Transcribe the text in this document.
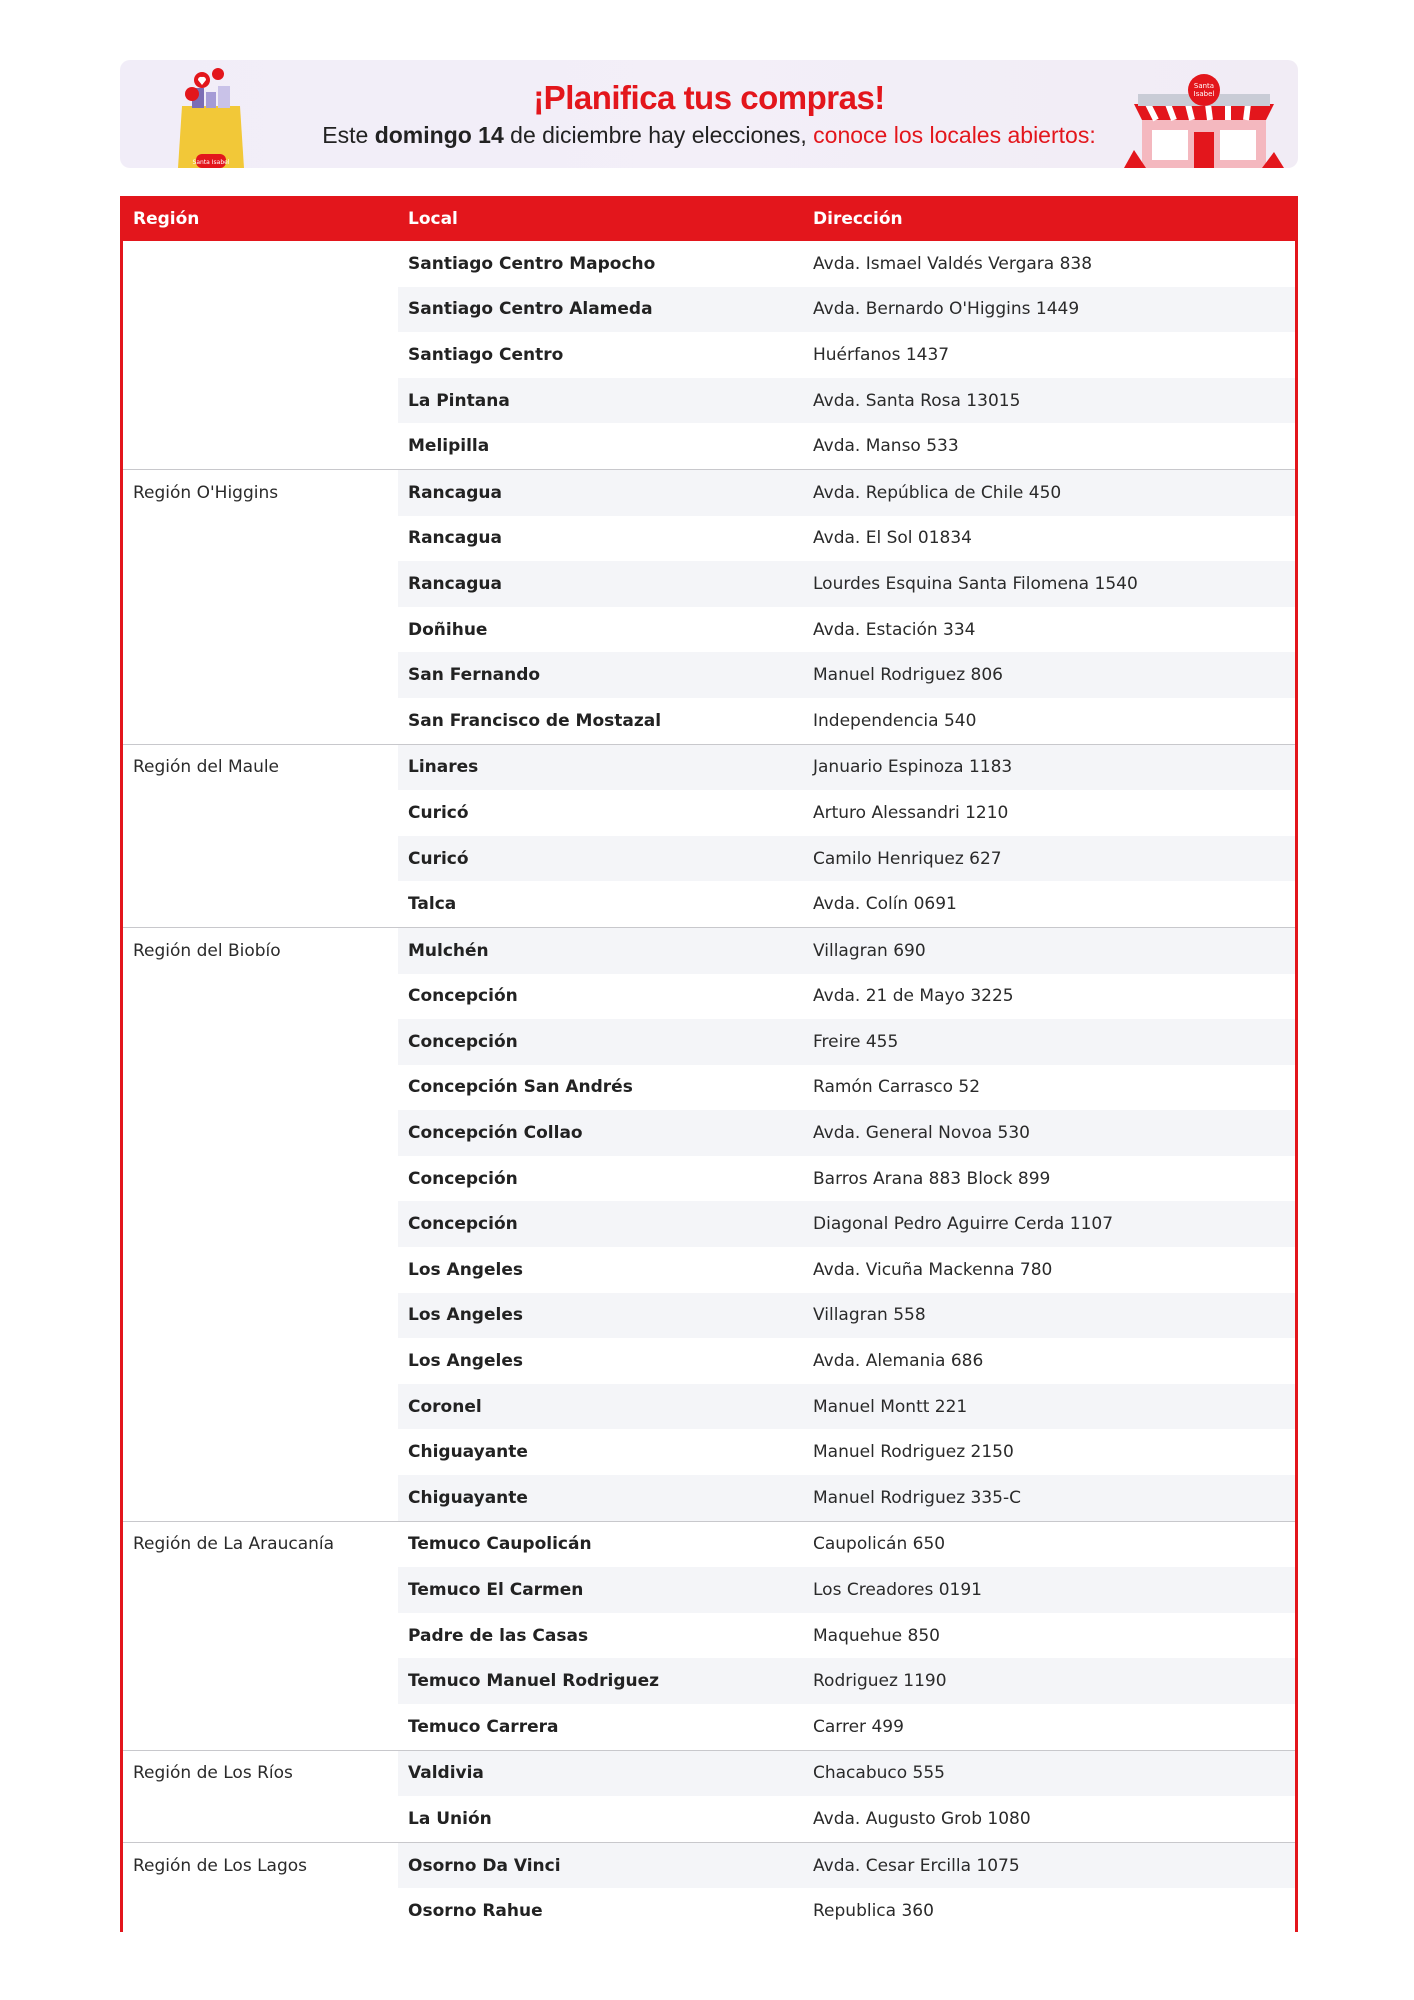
Santa Isabel
¡Planifica tus compras!
Este domingo 14 de diciembre hay elecciones, conoce los locales abiertos:
Santa
Isabel
Región	Local	Dirección
	Santiago Centro Mapocho	Avda. Ismael Valdés Vergara 838
	Santiago Centro Alameda	Avda. Bernardo O'Higgins 1449
	Santiago Centro	Huérfanos 1437
	La Pintana	Avda. Santa Rosa 13015
	Melipilla	Avda. Manso 533
Región O'Higgins	Rancagua	Avda. República de Chile 450
	Rancagua	Avda. El Sol 01834
	Rancagua	Lourdes Esquina Santa Filomena 1540
	Doñihue	Avda. Estación 334
	San Fernando	Manuel Rodriguez 806
	San Francisco de Mostazal	Independencia 540
Región del Maule	Linares	Januario Espinoza 1183
	Curicó	Arturo Alessandri 1210
	Curicó	Camilo Henriquez 627
	Talca	Avda. Colín 0691
Región del Biobío	Mulchén	Villagran 690
	Concepción	Avda. 21 de Mayo 3225
	Concepción	Freire 455
	Concepción San Andrés	Ramón Carrasco 52
	Concepción Collao	Avda. General Novoa 530
	Concepción	Barros Arana 883 Block 899
	Concepción	Diagonal Pedro Aguirre Cerda 1107
	Los Angeles	Avda. Vicuña Mackenna 780
	Los Angeles	Villagran 558
	Los Angeles	Avda. Alemania 686
	Coronel	Manuel Montt 221
	Chiguayante	Manuel Rodriguez 2150
	Chiguayante	Manuel Rodriguez 335-C
Región de La Araucanía	Temuco Caupolicán	Caupolicán 650
	Temuco El Carmen	Los Creadores 0191
	Padre de las Casas	Maquehue 850
	Temuco Manuel Rodriguez	Rodriguez 1190
	Temuco Carrera	Carrer 499
Región de Los Ríos	Valdivia	Chacabuco 555
	La Unión	Avda. Augusto Grob 1080
Región de Los Lagos	Osorno Da Vinci	Avda. Cesar Ercilla 1075
	Osorno Rahue	Republica 360
